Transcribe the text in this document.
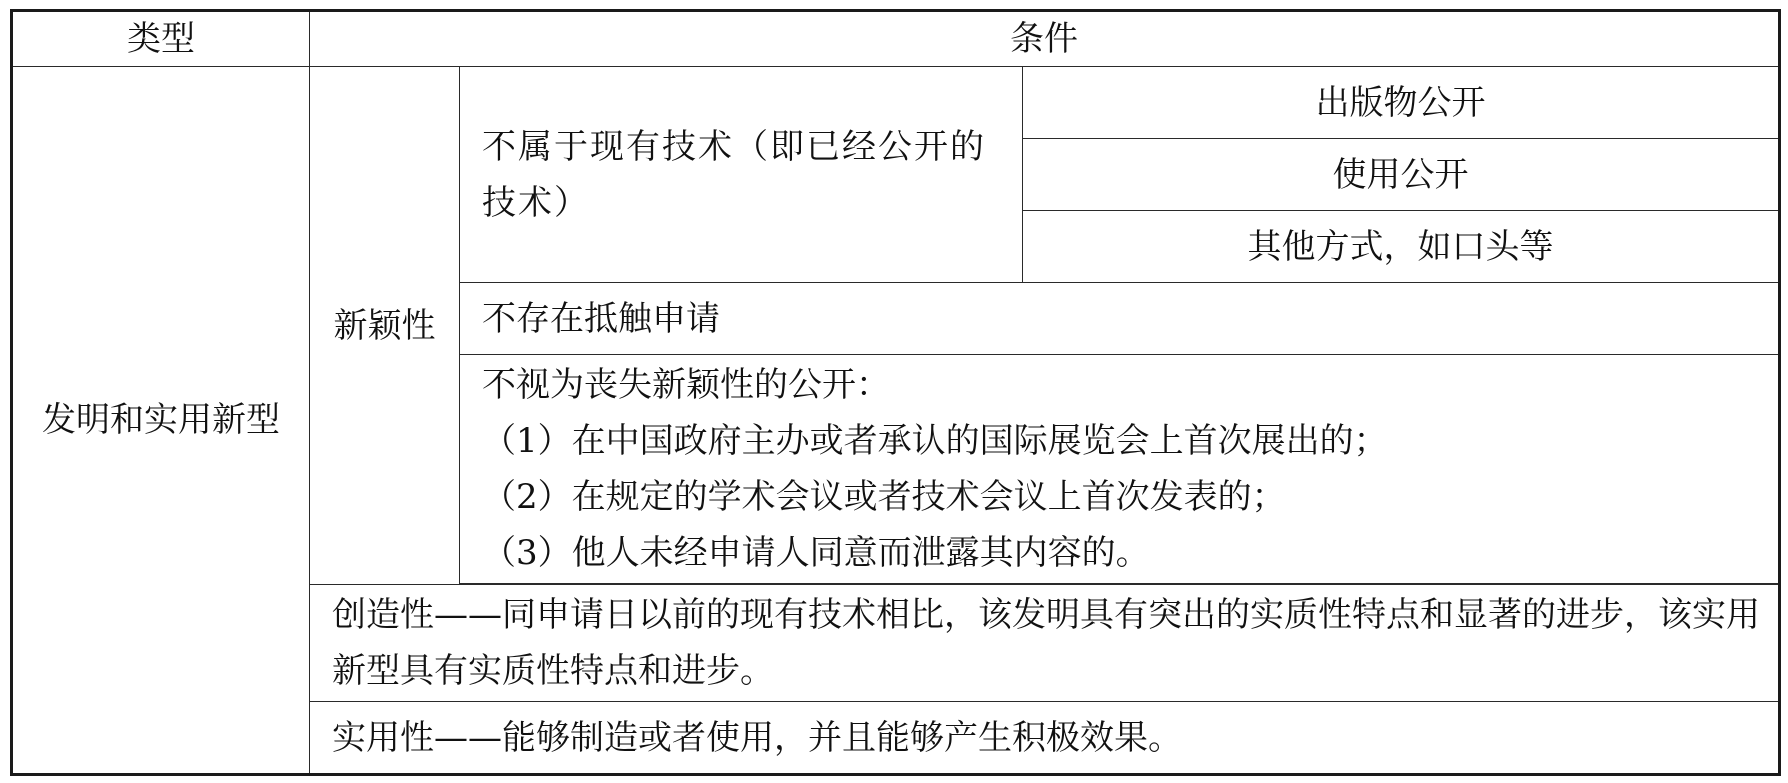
类型	条件		
发明和实用新型	新颖性	不属于现有技术（即已经公开的技术）	出版物公开
			使用公开
			其他方式，如口头等
		不存在抵触申请	

		不视为丧失新颖性的公开：
（1）在中国政府主办或者承认的国际展览会上首次展出的；
（2）在规定的学术会议或者技术会议上首次发表的；
（3）他人未经申请人同意而泄露其内容的。	

	创造性——同申请日以前的现有技术相比，该发明具有突出的实质性特点和显著的进步，该实用新型具有实质性特点和进步。		
	实用性——能够制造或者使用，并且能够产生积极效果。		
